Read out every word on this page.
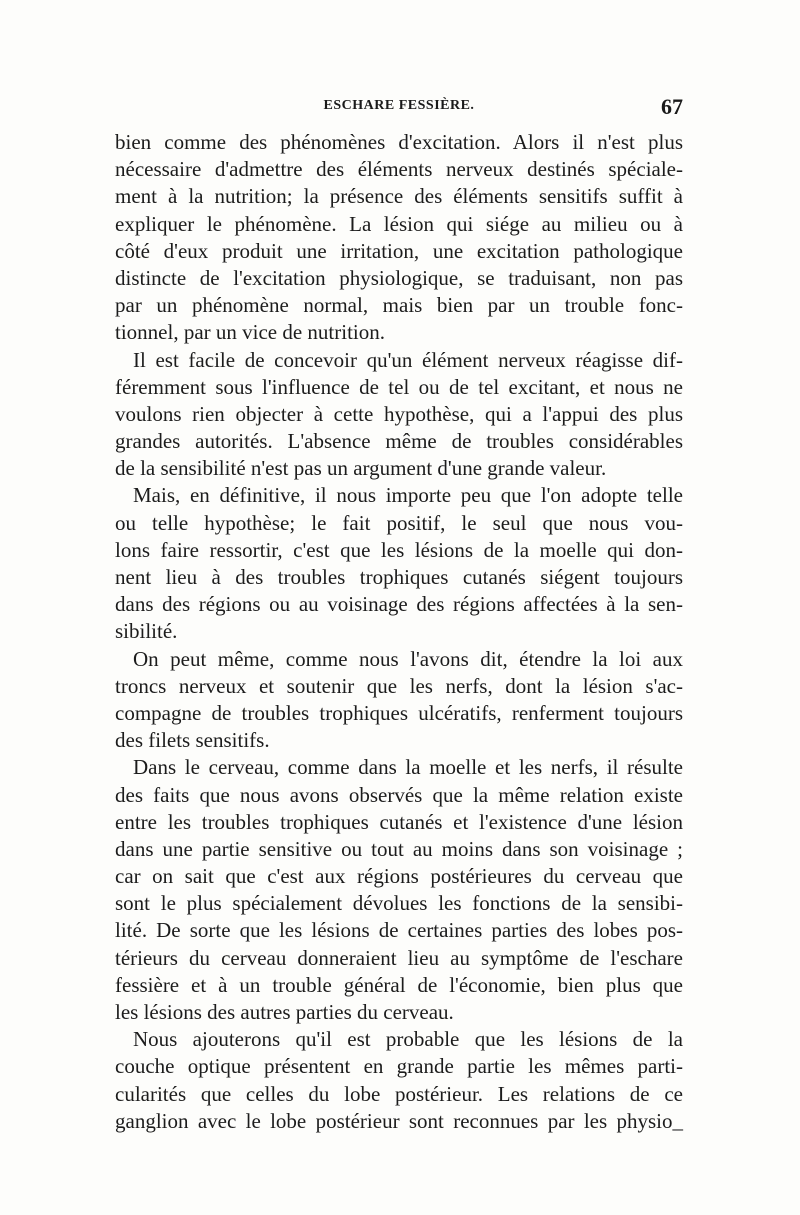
ESCHARE FESSIÈRE.	67
bien comme des phénomènes d'excitation. Alors il n'est plus
nécessaire d'admettre des éléments nerveux destinés spéciale-
ment à la nutrition; la présence des éléments sensitifs suffit à
expliquer le phénomène. La lésion qui siége au milieu ou à
côté d'eux produit une irritation, une excitation pathologique
distincte de l'excitation physiologique, se traduisant, non pas
par un phénomène normal, mais bien par un trouble fonc-
tionnel, par un vice de nutrition.
Il est facile de concevoir qu'un élément nerveux réagisse dif-
féremment sous l'influence de tel ou de tel excitant, et nous ne
voulons rien objecter à cette hypothèse, qui a l'appui des plus
grandes autorités. L'absence même de troubles considérables
de la sensibilité n'est pas un argument d'une grande valeur.
Mais, en définitive, il nous importe peu que l'on adopte telle
ou telle hypothèse; le fait positif, le seul que nous vou-
lons faire ressortir, c'est que les lésions de la moelle qui don-
nent lieu à des troubles trophiques cutanés siégent toujours
dans des régions ou au voisinage des régions affectées à la sen-
sibilité.
On peut même, comme nous l'avons dit, étendre la loi aux
troncs nerveux et soutenir que les nerfs, dont la lésion s'ac-
compagne de troubles trophiques ulcératifs, renferment toujours
des filets sensitifs.
Dans le cerveau, comme dans la moelle et les nerfs, il résulte
des faits que nous avons observés que la même relation existe
entre les troubles trophiques cutanés et l'existence d'une lésion
dans une partie sensitive ou tout au moins dans son voisinage ;
car on sait que c'est aux régions postérieures du cerveau que
sont le plus spécialement dévolues les fonctions de la sensibi-
lité. De sorte que les lésions de certaines parties des lobes pos-
térieurs du cerveau donneraient lieu au symptôme de l'eschare
fessière et à un trouble général de l'économie, bien plus que
les lésions des autres parties du cerveau.
Nous ajouterons qu'il est probable que les lésions de la
couche optique présentent en grande partie les mêmes parti-
cularités que celles du lobe postérieur. Les relations de ce
ganglion avec le lobe postérieur sont reconnues par les physio_
